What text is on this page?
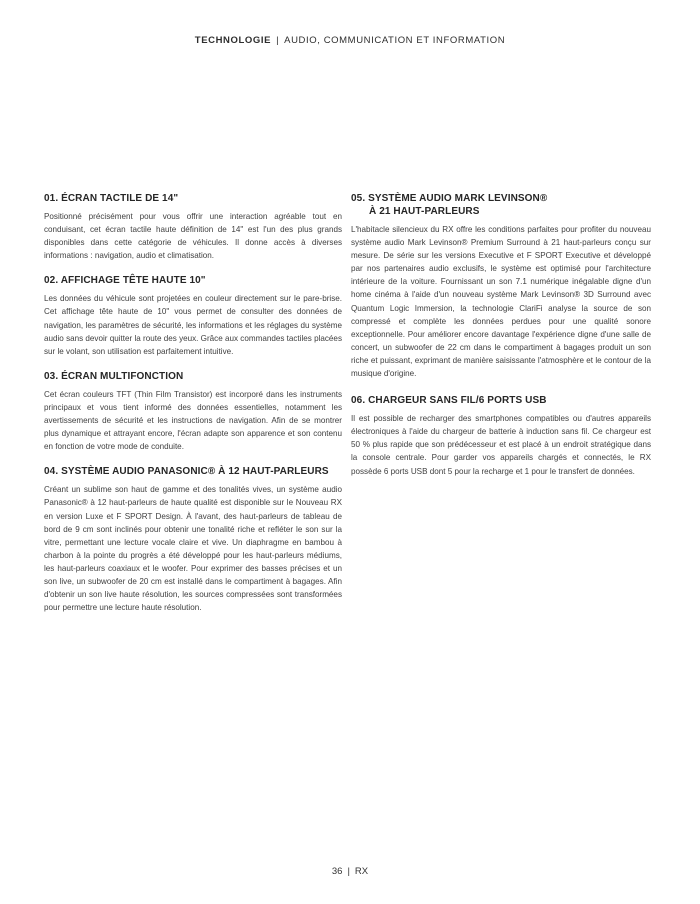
TECHNOLOGIE | AUDIO, COMMUNICATION ET INFORMATION
01. ÉCRAN TACTILE DE 14"

Positionné précisément pour vous offrir une interaction agréable tout en conduisant, cet écran tactile haute définition de 14" est l'un des plus grands disponibles dans cette catégorie de véhicules. Il donne accès à diverses informations : navigation, audio et climatisation.

02. AFFICHAGE TÊTE HAUTE 10"

Les données du véhicule sont projetées en couleur directement sur le pare-brise. Cet affichage tête haute de 10" vous permet de consulter des données de navigation, les paramètres de sécurité, les informations et les réglages du système audio sans devoir quitter la route des yeux. Grâce aux commandes tactiles placées sur le volant, son utilisation est parfaitement intuitive.

03. ÉCRAN MULTIFONCTION

Cet écran couleurs TFT (Thin Film Transistor) est incorporé dans les instruments principaux et vous tient informé des données essentielles, notamment les avertissements de sécurité et les instructions de navigation. Afin de se montrer plus dynamique et attrayant encore, l'écran adapte son apparence et son contenu en fonction de votre mode de conduite.

04. SYSTÈME AUDIO PANASONIC® À 12 HAUT-PARLEURS

Créant un sublime son haut de gamme et des tonalités vives, un système audio Panasonic® à 12 haut-parleurs de haute qualité est disponible sur le Nouveau RX en version Luxe et F SPORT Design. À l'avant, des haut-parleurs de tableau de bord de 9 cm sont inclinés pour obtenir une tonalité riche et refléter le son sur la vitre, permettant une lecture vocale claire et vive. Un diaphragme en bambou à charbon à la pointe du progrès a été développé pour les haut-parleurs médiums, les haut-parleurs coaxiaux et le woofer. Pour exprimer des basses précises et un son live, un subwoofer de 20 cm est installé dans le compartiment à bagages. Afin d'obtenir un son live haute résolution, les sources compressées sont transformées pour permettre une lecture haute résolution.

05. SYSTÈME AUDIO MARK LEVINSON®
À 21 HAUT-PARLEURS

L'habitacle silencieux du RX offre les conditions parfaites pour profiter du nouveau système audio Mark Levinson® Premium Surround à 21 haut-parleurs conçu sur mesure. De série sur les versions Executive et F SPORT Executive et développé par nos partenaires audio exclusifs, le système est optimisé pour l'architecture intérieure de la voiture. Fournissant un son 7.1 numérique inégalable digne d'un home cinéma à l'aide d'un nouveau système Mark Levinson® 3D Surround avec Quantum Logic Immersion, la technologie ClariFi analyse la source de son compressé et complète les données perdues pour une qualité sonore exceptionnelle. Pour améliorer encore davantage l'expérience digne d'une salle de concert, un subwoofer de 22 cm dans le compartiment à bagages produit un son riche et puissant, exprimant de manière saisissante l'atmosphère et le contour de la musique d'origine.

06. CHARGEUR SANS FIL/6 PORTS USB

Il est possible de recharger des smartphones compatibles ou d'autres appareils électroniques à l'aide du chargeur de batterie à induction sans fil. Ce chargeur est 50 % plus rapide que son prédécesseur et est placé à un endroit stratégique dans la console centrale. Pour garder vos appareils chargés et connectés, le RX possède 6 ports USB dont 5 pour la recharge et 1 pour le transfert de données.

36 | RX
